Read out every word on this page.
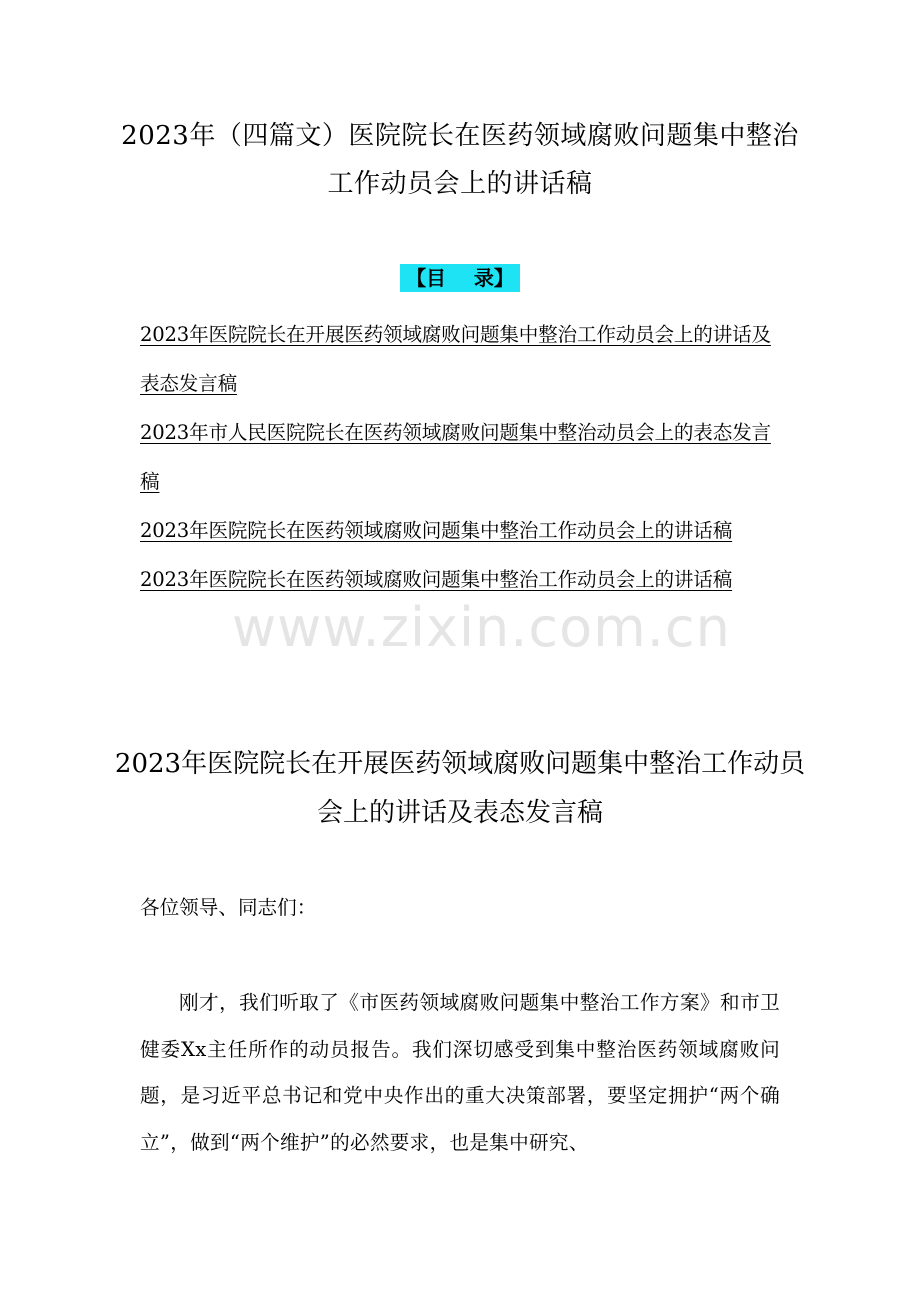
2023年（四篇文）医院院长在医药领域腐败问题集中整治工作动员会上的讲话稿
【目    录】
2023年医院院长在开展医药领域腐败问题集中整治工作动员会上的讲话及表态发言稿
2023年市人民医院院长在医药领域腐败问题集中整治动员会上的表态发言稿
2023年医院院长在医药领域腐败问题集中整治工作动员会上的讲话稿
2023年医院院长在医药领域腐败问题集中整治工作动员会上的讲话稿
www.zixin.com.cn
2023年医院院长在开展医药领域腐败问题集中整治工作动员会上的讲话及表态发言稿
各位领导、同志们：
刚才，我们听取了《市医药领域腐败问题集中整治工作方案》和市卫健委Xx主任所作的动员报告。我们深切感受到集中整治医药领域腐败问题，是习近平总书记和党中央作出的重大决策部署，要坚定拥护“两个确立”，做到“两个维护”的必然要求，也是集中研究、
